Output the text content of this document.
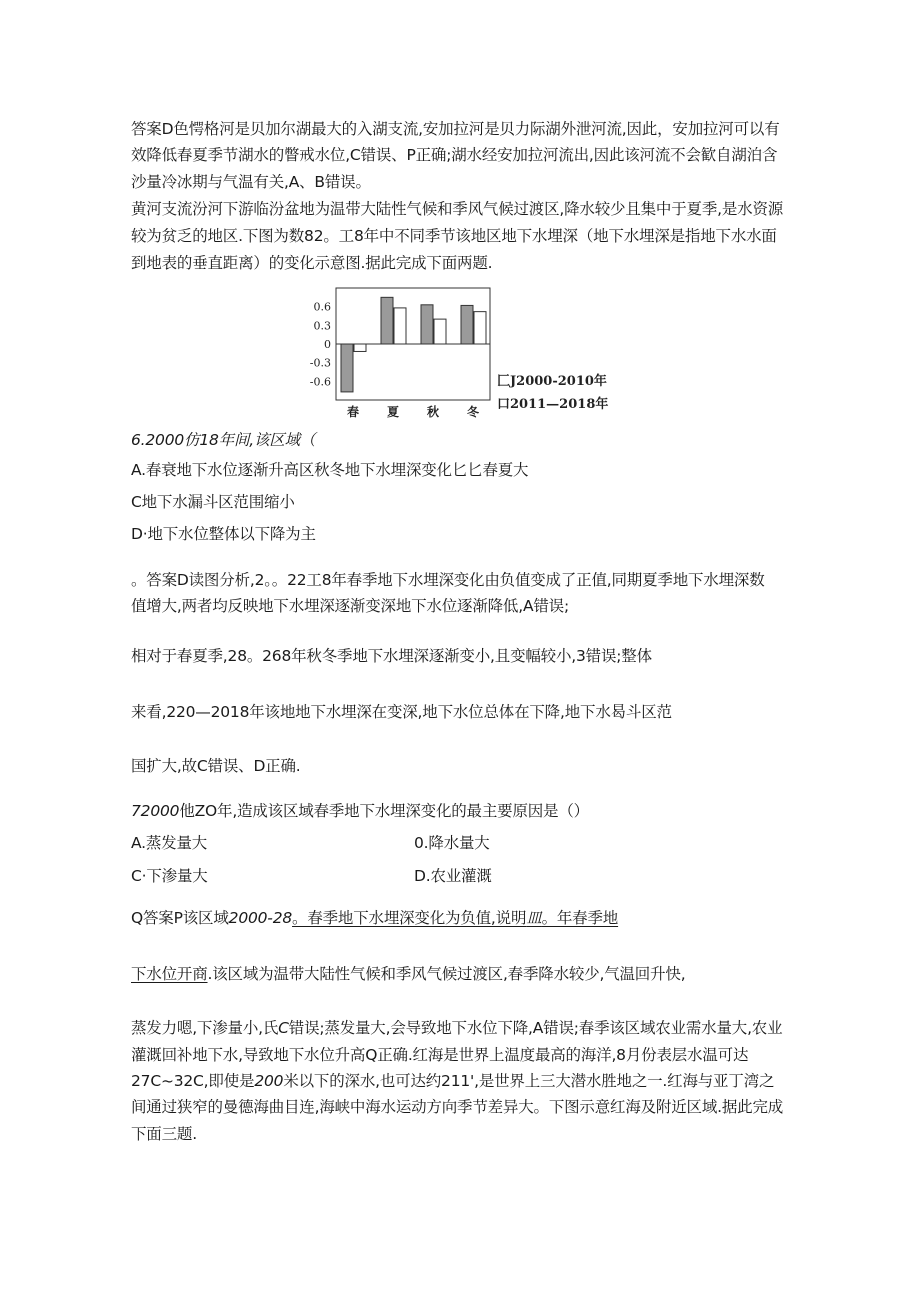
答案D色愕格河是贝加尔湖最大的入湖支流,安加拉河是贝力际湖外泄河流,因此，安加拉河可以有
效降低春夏季节湖水的瞥戒水位,C错误、P正确;湖水经安加拉河流出,因此该河流不会歓自湖泊含
沙量冷冰期与气温有关,A、B错误。
黄河支流汾河下游临汾盆地为温带大陆性气候和季风气候过渡区,降水较少且集中于夏季,是水资源
较为贫乏的地区.下图为数82。工8年中不同季节该地区地下水埋深（地下水埋深是指地下水水面
到地表的垂直距离）的变化示意图.据此完成下面两题.
0.6
0.3
0
-0.3
-0.6
春 夏 秋 冬
匚J2000-2010年
口2011—2018年
6.2000仿18年间,该区域（
A.春衰地下水位逐渐升高区秋冬地下水埋深变化匕匕春夏大
C地下水漏斗区范围缩小
D·地下水位整体以下降为主
。答案D读图分析,2。。22工8年春季地下水埋深变化由负值变成了正值,同期夏季地下水埋深数
值增大,两者均反映地下水埋深逐渐变深地下水位逐渐降低,A错误;
相对于春夏季,28。268年秋冬季地下水埋深逐渐变小,且变幅较小,3错误;整体
来看,220—2018年该地地下水埋深在变深,地下水位总体在下降,地下水曷斗区范
国扩大,故C错误、D正确.
72000他ZO年,造成该区域春季地下水埋深变化的最主要原因是（）
A.蒸发量大	0.降水量大
C·下渗量大	D.农业灌溉
Q答案P该区域2000-28。春季地下水埋深变化为负值,说明皿。年春季地
下水位开商.该区域为温带大陆性气候和季风气候过渡区,春季降水较少,气温回升快,
蒸发力嗯,下渗量小,氏C错误;蒸发量大,会导致地下水位下降,A错误;春季该区域农业需水量大,农业
灌溉回补地下水,导致地下水位升高Q正确.红海是世界上温度最高的海洋,8月份表层水温可达
27C~32C,即使是200米以下的深水,也可达约211',是世界上三大潜水胜地之一.红海与亚丁湾之
间通过狭窄的曼德海曲目连,海峡中海水运动方向季节差异大。下图示意红海及附近区域.据此完成
下面三题.
